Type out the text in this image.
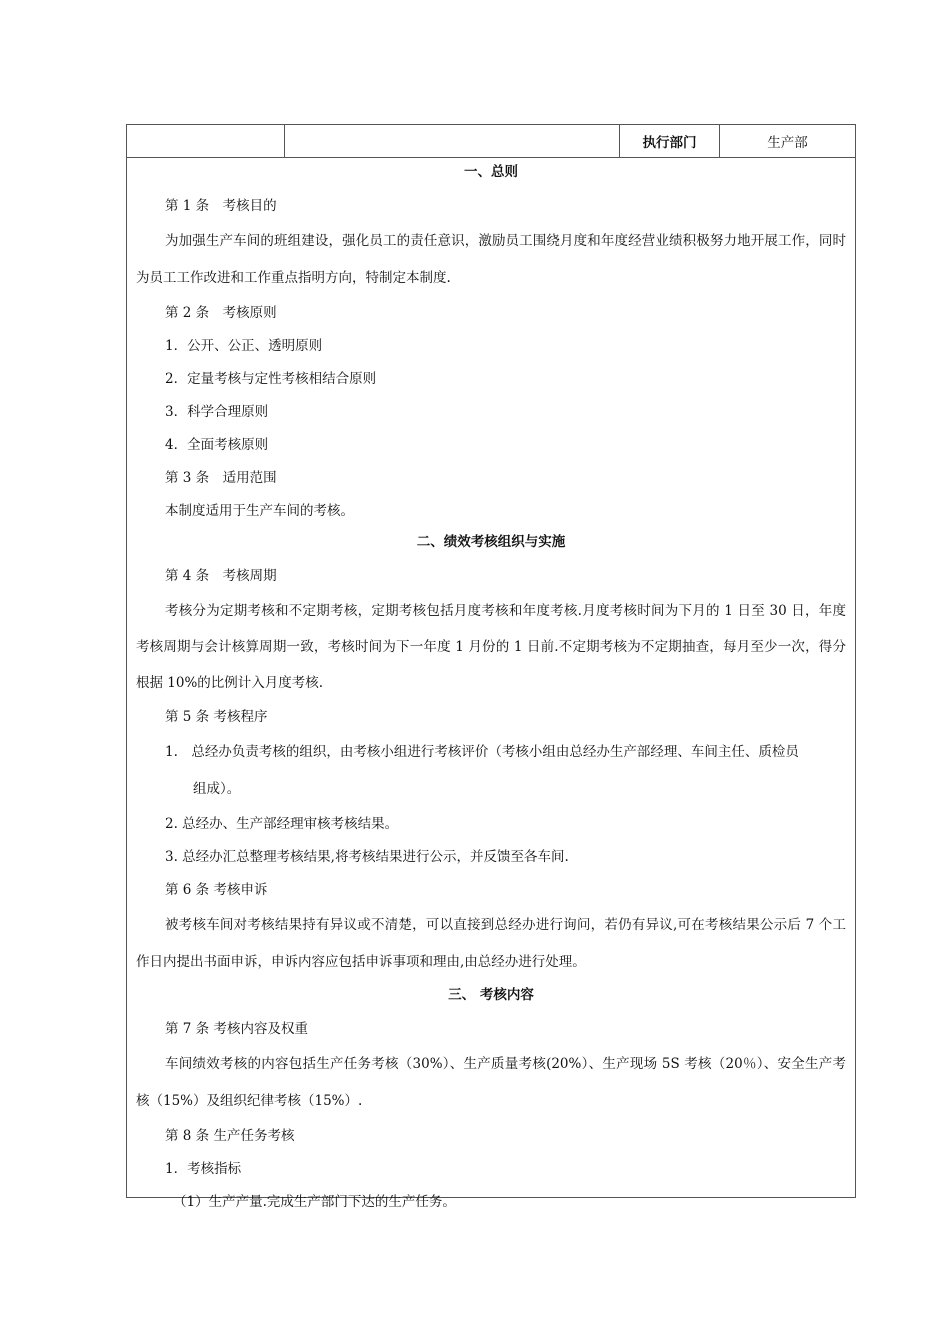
执行部门	生产部
一、总则
第 1 条　考核目的
为加强生产车间的班组建设，强化员工的责任意识，激励员工围绕月度和年度经营业绩积极努力地开展工作，同时为员工工作改进和工作重点指明方向，特制定本制度.
第 2 条　考核原则
1．公开、公正、透明原则
2．定量考核与定性考核相结合原则
3．科学合理原则
4．全面考核原则
第 3 条　适用范围
本制度适用于生产车间的考核。
二、绩效考核组织与实施
第 4 条　考核周期
考核分为定期考核和不定期考核，定期考核包括月度考核和年度考核.月度考核时间为下月的 1 日至 30 日，年度考核周期与会计核算周期一致，考核时间为下一年度 1 月份的 1 日前.不定期考核为不定期抽查，每月至少一次，得分根据 10%的比例计入月度考核.
第 5 条 考核程序
1.　总经办负责考核的组织，由考核小组进行考核评价（考核小组由总经办生产部经理、车间主任、质检员
组成）。
2. 总经办、生产部经理审核考核结果。
3. 总经办汇总整理考核结果,将考核结果进行公示，并反馈至各车间.
第 6 条 考核申诉
被考核车间对考核结果持有异议或不清楚，可以直接到总经办进行询问，若仍有异议,可在考核结果公示后 7 个工作日内提出书面申诉，申诉内容应包括申诉事项和理由,由总经办进行处理。
三、 考核内容
第 7 条 考核内容及权重
车间绩效考核的内容包括生产任务考核（30%）、生产质量考核(20%）、生产现场 5S 考核（20％）、安全生产考核（15%）及组织纪律考核（15%）.
第 8 条 生产任务考核
1．考核指标
（1）生产产量.完成生产部门下达的生产任务。
